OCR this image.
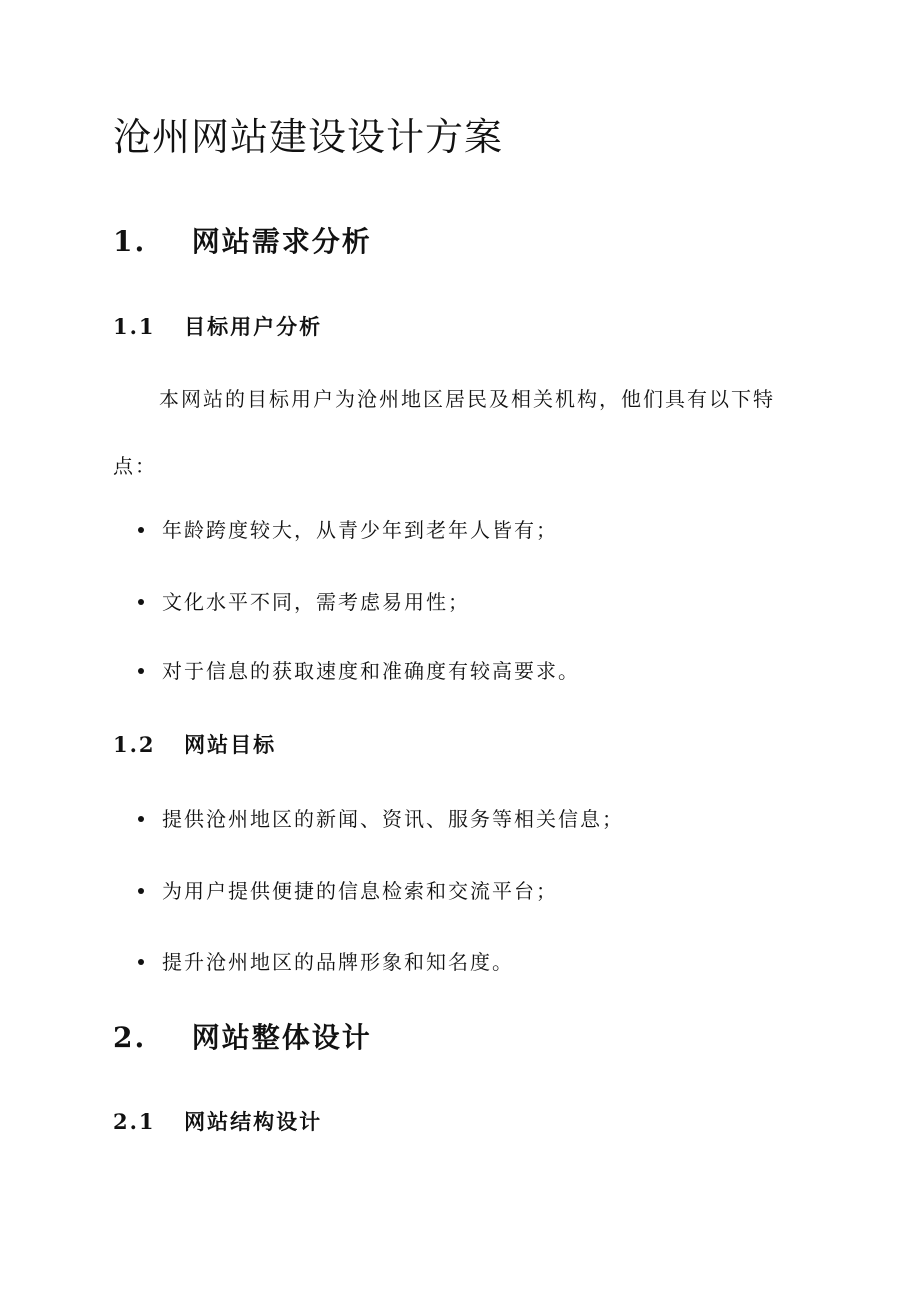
沧州网站建设设计方案
1. 网站需求分析
1.1 目标用户分析

本网站的目标用户为沧州地区居民及相关机构，他们具有以下特点：

年龄跨度较大，从青少年到老年人皆有；
文化水平不同，需考虑易用性；
对于信息的获取速度和准确度有较高要求。
1.2 网站目标
提供沧州地区的新闻、资讯、服务等相关信息；
为用户提供便捷的信息检索和交流平台；
提升沧州地区的品牌形象和知名度。
2. 网站整体设计
2.1 网站结构设计
